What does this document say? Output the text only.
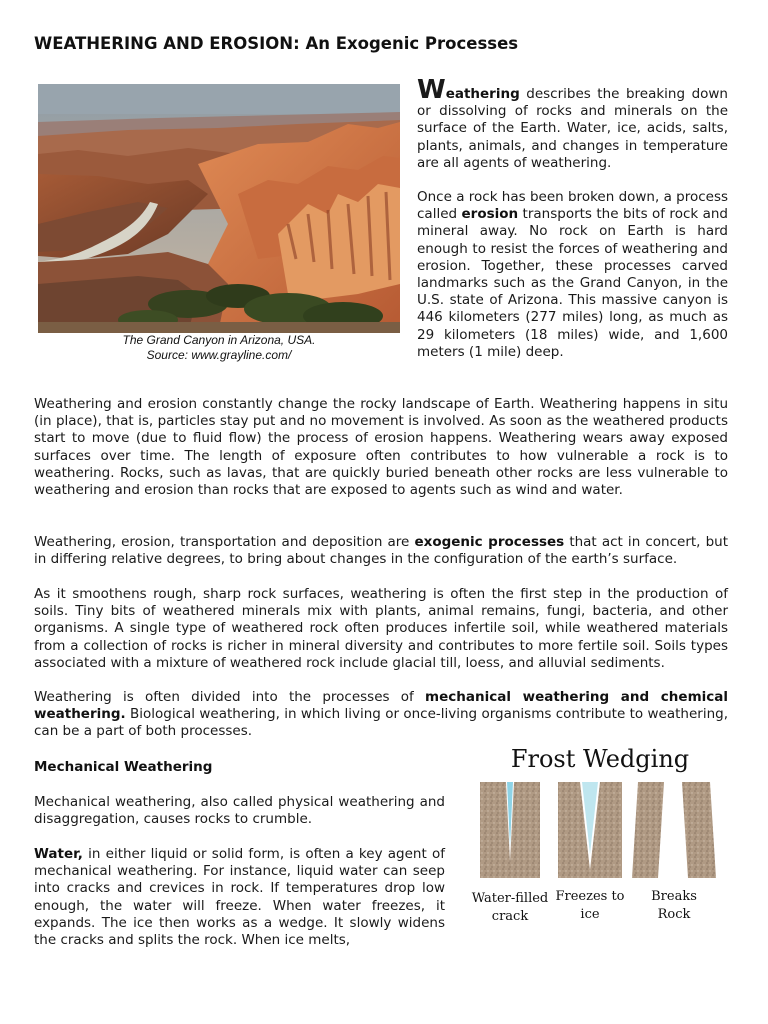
WEATHERING AND EROSION: An Exogenic Processes
The Grand Canyon in Arizona, USA.
Source: www.grayline.com/

Weathering describes the breaking down or dissolving of rocks and minerals on the surface of the Earth. Water, ice, acids, salts, plants, animals, and changes in temperature are all agents of weathering.

Once a rock has been broken down, a process called erosion transports the bits of rock and mineral away. No rock on Earth is hard enough to resist the forces of weathering and erosion. Together, these processes carved landmarks such as the Grand Canyon, in the U.S. state of Arizona. This massive canyon is 446 kilometers (277 miles) long, as much as 29 kilometers (18 miles) wide, and 1,600 meters (1 mile) deep.

Weathering and erosion constantly change the rocky landscape of Earth. Weathering happens in situ (in place), that is, particles stay put and no movement is involved. As soon as the weathered products start to move (due to fluid flow) the process of erosion happens. Weathering wears away exposed surfaces over time. The length of exposure often contributes to how vulnerable a rock is to weathering. Rocks, such as lavas, that are quickly buried beneath other rocks are less vulnerable to weathering and erosion than rocks that are exposed to agents such as wind and water.

Weathering, erosion, transportation and deposition are exogenic processes that act in concert, but in differing relative degrees, to bring about changes in the configuration of the earth’s surface.

As it smoothens rough, sharp rock surfaces, weathering is often the first step in the production of soils. Tiny bits of weathered minerals mix with plants, animal remains, fungi, bacteria, and other organisms. A single type of weathered rock often produces infertile soil, while weathered materials from a collection of rocks is richer in mineral diversity and contributes to more fertile soil. Soils types associated with a mixture of weathered rock include glacial till, loess, and alluvial sediments.

Weathering is often divided into the processes of mechanical weathering and chemical weathering. Biological weathering, in which living or once-living organisms contribute to weathering, can be a part of both processes.

Mechanical Weathering

Mechanical weathering, also called physical weathering and disaggregation, causes rocks to crumble.

Water, in either liquid or solid form, is often a key agent of mechanical weathering. For instance, liquid water can seep into cracks and crevices in rock. If temperatures drop low enough, the water will freeze. When water freezes, it expands. The ice then works as a wedge. It slowly widens the cracks and splits the rock. When ice melts,

Frost Wedging
Water-filled
crack
Freezes to
ice
Breaks
Rock
